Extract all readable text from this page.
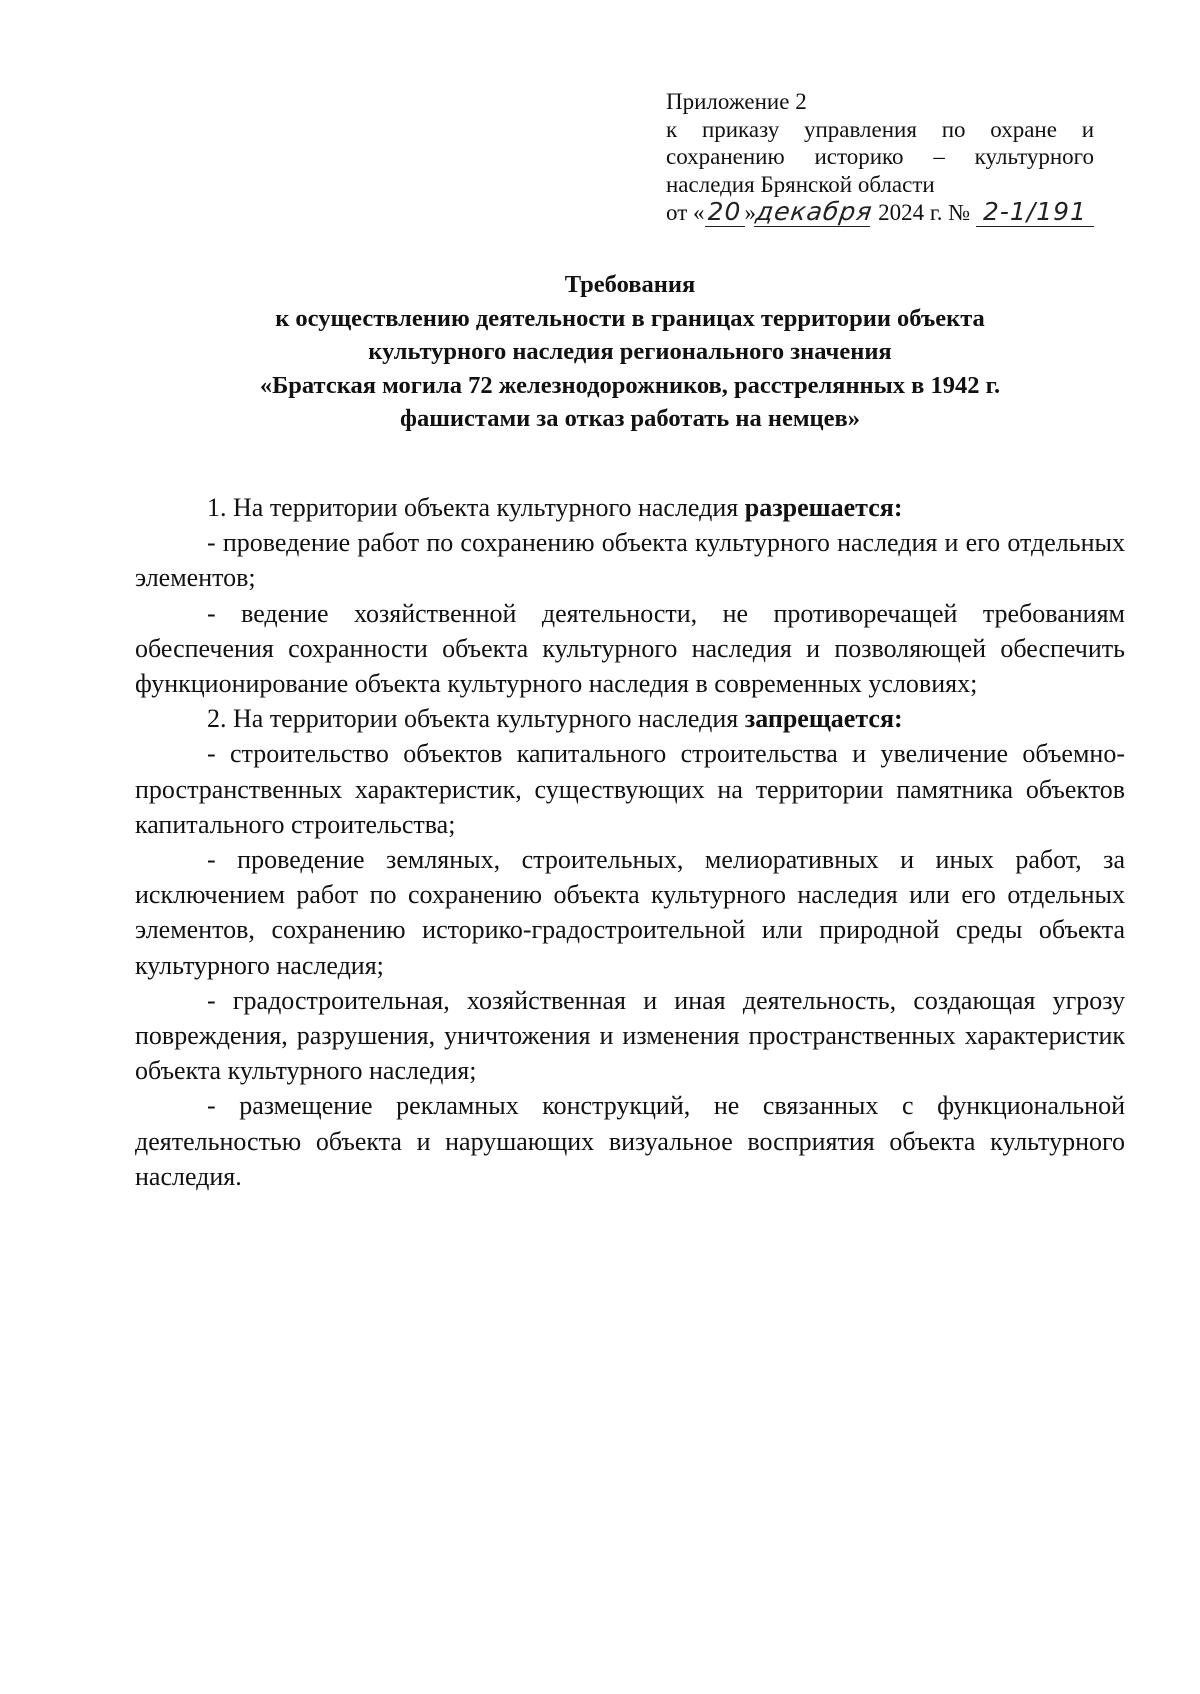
Приложение 2
к приказу управления по охране и
сохранению историко – культурного
наследия Брянской области
от « 20 »декабря 2024 г. № 2-1/191
Требования
к осуществлению деятельности в границах территории объекта
культурного наследия регионального значения
«Братская могила 72 железнодорожников, расстрелянных в 1942 г.
фашистами за отказ работать на немцев»

1. На территории объекта культурного наследия разрешается:

- проведение работ по сохранению объекта культурного наследия и его отдельных элементов;

- ведение хозяйственной деятельности, не противоречащей требованиям обеспечения сохранности объекта культурного наследия и позволяющей обеспечить функционирование объекта культурного наследия в современных условиях;

2. На территории объекта культурного наследия запрещается:

- строительство объектов капитального строительства и увеличение объемно-пространственных характеристик, существующих на территории памятника объектов капитального строительства;

- проведение земляных, строительных, мелиоративных и иных работ, за исключением работ по сохранению объекта культурного наследия или его отдельных элементов, сохранению историко-градостроительной или природной среды объекта культурного наследия;

- градостроительная, хозяйственная и иная деятельность, создающая угрозу повреждения, разрушения, уничтожения и изменения пространственных характеристик объекта культурного наследия;

- размещение рекламных конструкций, не связанных с функциональной деятельностью объекта и нарушающих визуальное восприятия объекта культурного наследия.
